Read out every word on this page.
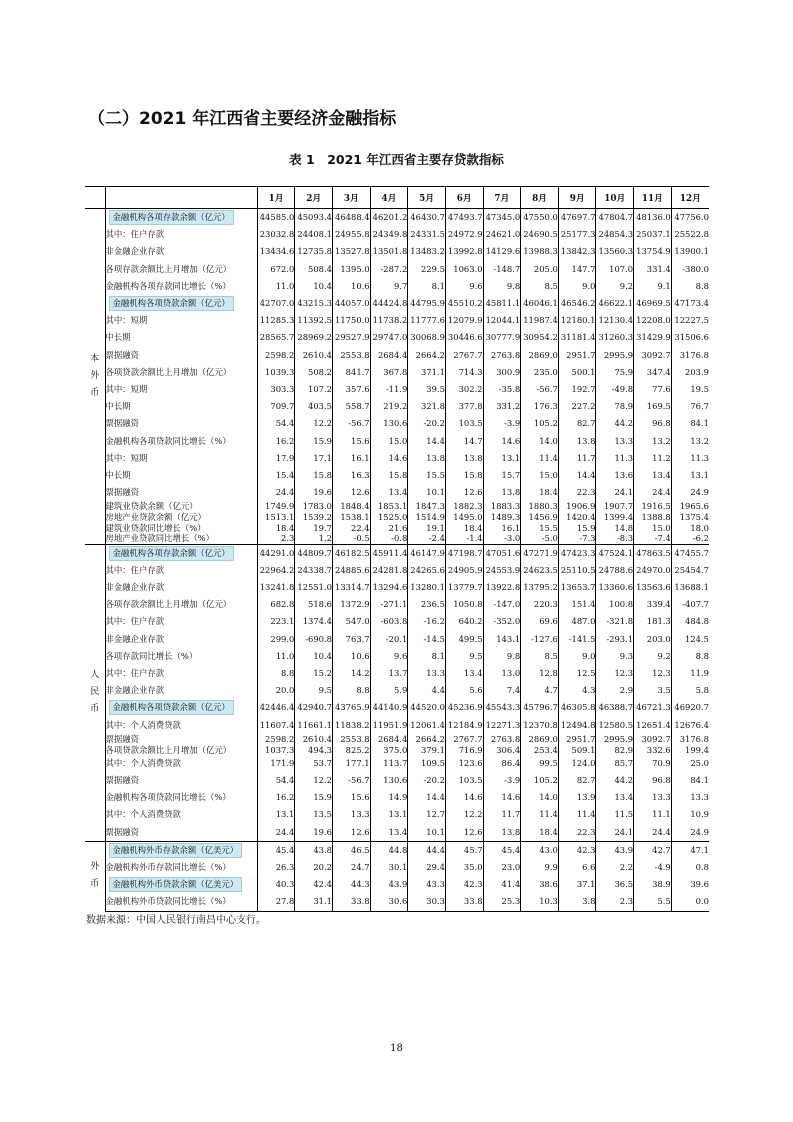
（二）2021 年江西省主要经济金融指标
表 1　2021 年江西省主要存贷款指标
		1月	2月	3月	4月	5月	6月	7月	8月	9月	10月	11月	12月
本
外
币	金融机构各项存款余额（亿元）	44585.0	45093.4	46488.4	46201.2	46430.7	47493.7	47345.0	47550.0	47697.7	47804.7	48136.0	47756.0
	其中：住户存款	23032.8	24408.1	24955.8	24349.8	24331.5	24972.9	24621.0	24690.5	25177.3	24854.3	25037.1	25522.8
	非金融企业存款	13434.6	12735.8	13527.8	13501.8	13483.2	13992.8	14129.6	13988.3	13842.3	13560.3	13754.9	13900.1
	各项存款余额比上月增加（亿元）	672.0	508.4	1395.0	-287.2	229.5	1063.0	-148.7	205.0	147.7	107.0	331.4	-380.0
	金融机构各项存款同比增长（%）	11.0	10.4	10.6	9.7	8.1	9.6	9.8	8.5	9.0	9.2	9.1	8.8
	金融机构各项贷款余额（亿元）	42707.0	43215.3	44057.0	44424.8	44795.9	45510.2	45811.1	46046.1	46546.2	46622.1	46969.5	47173.4
	其中：短期	11285.3	11392.5	11750.0	11738.2	11777.6	12079.9	12044.1	11987.4	12180.1	12130.4	12208.0	12227.5
	中长期	28565.7	28969.2	29527.9	29747.0	30068.9	30446.6	30777.9	30954.2	31181.4	31260.3	31429.9	31506.6
	票据融资	2598.2	2610.4	2553.8	2684.4	2664.2	2767.7	2763.8	2869.0	2951.7	2995.9	3092.7	3176.8
	各项贷款余额比上月增加（亿元）	1039.3	508.2	841.7	367.8	371.1	714.3	300.9	235.0	500.1	75.9	347.4	203.9
	其中：短期	303.3	107.2	357.6	-11.9	39.5	302.2	-35.8	-56.7	192.7	-49.8	77.6	19.5
	中长期	709.7	403.5	558.7	219.2	321.8	377.8	331.2	176.3	227.2	78.9	169.5	76.7
	票据融资	54.4	12.2	-56.7	130.6	-20.2	103.5	-3.9	105.2	82.7	44.2	96.8	84.1
	金融机构各项贷款同比增长（%）	16.2	15.9	15.6	15.0	14.4	14.7	14.6	14.0	13.8	13.3	13.2	13.2
	其中：短期	17.9	17.1	16.1	14.6	13.8	13.8	13.1	11.4	11.7	11.3	11.2	11.3
	中长期	15.4	15.8	16.3	15.8	15.5	15.8	15.7	15.0	14.4	13.6	13.4	13.1
	票据融资	24.4	19.6	12.6	13.4	10.1	12.6	13.8	18.4	22.3	24.1	24.4	24.9
	建筑业贷款余额（亿元）	1749.9	1783.0	1848.4	1853.1	1847.3	1882.3	1883.3	1880.3	1906.9	1907.7	1916.5	1965.6
	房地产业贷款余额（亿元）	1513.1	1539.2	1538.1	1525.0	1514.9	1495.0	1489.3	1456.9	1420.4	1399.4	1388.8	1375.4
	建筑业贷款同比增长（%）	18.4	19.7	22.4	21.6	19.1	18.4	16.1	15.5	15.9	14.8	15.0	18.0
	房地产业贷款同比增长（%）	2.3	1.2	-0.5	-0.8	-2.4	-1.4	-3.0	-5.0	-7.3	-8.3	-7.4	-6.2
人
民
币	金融机构各项存款余额（亿元）	44291.0	44809.7	46182.5	45911.4	46147.9	47198.7	47051.6	47271.9	47423.3	47524.1	47863.5	47455.7
	其中：住户存款	22964.2	24338.7	24885.6	24281.8	24265.6	24905.9	24553.9	24623.5	25110.5	24788.6	24970.0	25454.7
	非金融企业存款	13241.8	12551.0	13314.7	13294.6	13280.1	13779.7	13922.8	13795.2	13653.7	13360.6	13563.6	13688.1
	各项存款余额比上月增加（亿元）	682.8	518.6	1372.9	-271.1	236.5	1050.8	-147.0	220.3	151.4	100.8	339.4	-407.7
	其中：住户存款	223.1	1374.4	547.0	-603.8	-16.2	640.2	-352.0	69.6	487.0	-321.8	181.3	484.8
	非金融企业存款	299.0	-690.8	763.7	-20.1	-14.5	499.5	143.1	-127.6	-141.5	-293.1	203.0	124.5
	各项存款同比增长（%）	11.0	10.4	10.6	9.6	8.1	9.5	9.8	8.5	9.0	9.3	9.2	8.8
	其中：住户存款	8.8	15.2	14.2	13.7	13.3	13.4	13.0	12.8	12.5	12.3	12.3	11.9
	非金融企业存款	20.0	9.5	8.8	5.9	4.4	5.6	7.4	4.7	4.3	2.9	3.5	5.8
	金融机构各项贷款余额（亿元）	42446.4	42940.7	43765.9	44140.9	44520.0	45236.9	45543.3	45796.7	46305.8	46388.7	46721.3	46920.7
	其中：个人消费贷款	11607.4	11661.1	11838.2	11951.9	12061.4	12184.9	12271.3	12370.8	12494.8	12580.5	12651.4	12676.4
	票据融资	2598.2	2610.4	2553.8	2684.4	2664.2	2767.7	2763.8	2869.0	2951.7	2995.9	3092.7	3176.8
	各项贷款余额比上月增加（亿元）	1037.3	494.3	825.2	375.0	379.1	716.9	306.4	253.4	509.1	82.9	332.6	199.4
	其中：个人消费贷款	171.9	53.7	177.1	113.7	109.5	123.6	86.4	99.5	124.0	85.7	70.9	25.0
	票据融资	54.4	12.2	-56.7	130.6	-20.2	103.5	-3.9	105.2	82.7	44.2	96.8	84.1
	金融机构各项贷款同比增长（%）	16.2	15.9	15.6	14.9	14.4	14.6	14.6	14.0	13.9	13.4	13.3	13.3
	其中：个人消费贷款	13.1	13.5	13.3	13.1	12.7	12.2	11.7	11.4	11.4	11.5	11.1	10.9
	票据融资	24.4	19.6	12.6	13.4	10.1	12.6	13.8	18.4	22.3	24.1	24.4	24.9
外
币	金融机构外币存款余额（亿美元）	45.4	43.8	46.5	44.8	44.4	45.7	45.4	43.0	42.3	43.9	42.7	47.1
	金融机构外币存款同比增长（%）	26.3	20.2	24.7	30.1	29.4	35.0	23.0	9.9	6.6	2.2	-4.9	0.8
	金融机构外币贷款余额（亿美元）	40.3	42.4	44.3	43.9	43.3	42.3	41.4	38.6	37.1	36.5	38.9	39.6
	金融机构外币贷款同比增长（%）	27.8	31.1	33.8	30.6	30.3	33.8	25.3	10.3	3.8	2.3	5.5	0.0

数据来源：中国人民银行南昌中心支行。

18
